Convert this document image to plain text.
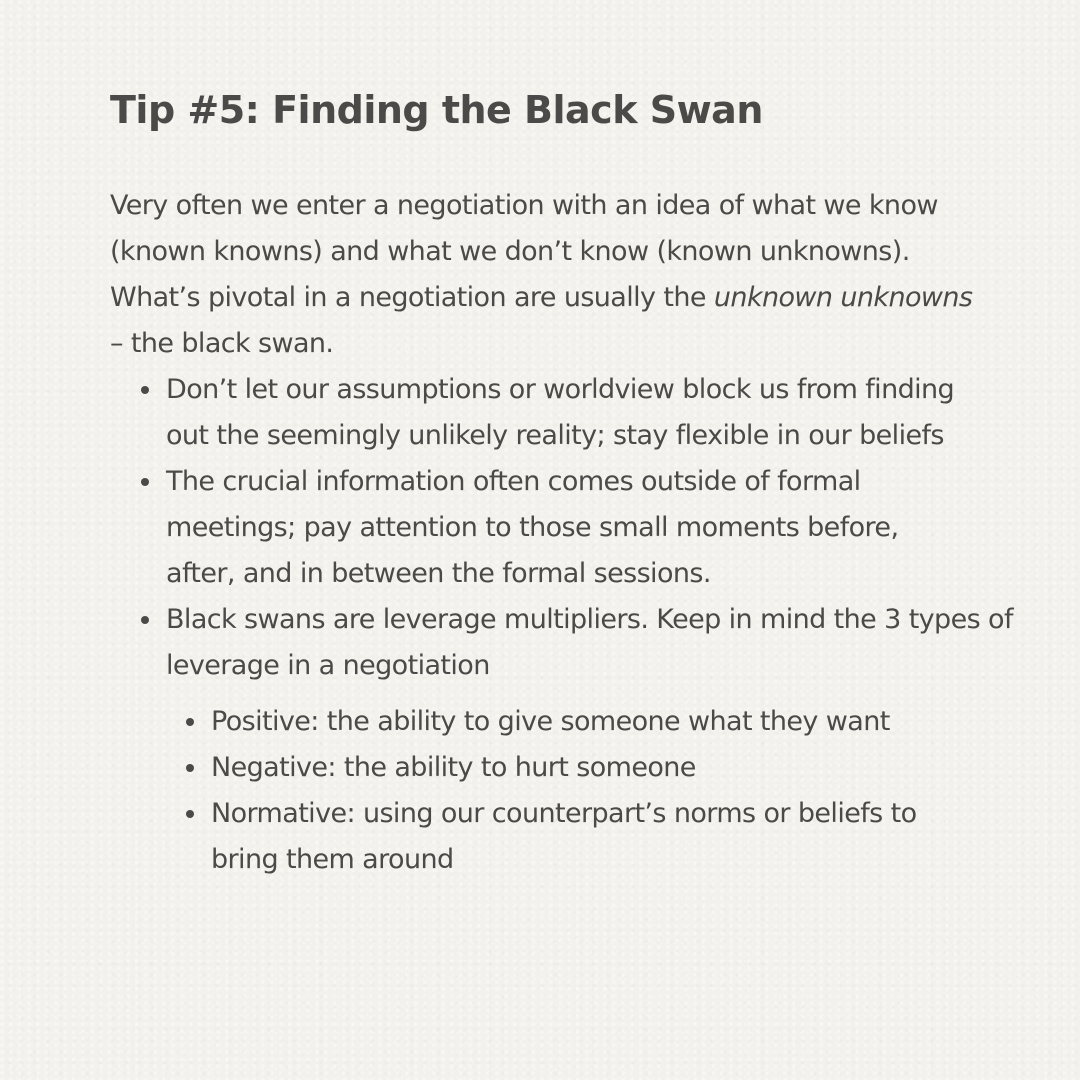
Tip #5: Finding the Black Swan

Very often we enter a negotiation with an idea of what we know

(known knowns) and what we don’t know (known unknowns).

What’s pivotal in a negotiation are usually the unknown unknowns

– the black swan.

Don’t let our assumptions or worldview block us from finding
out the seemingly unlikely reality; stay flexible in our beliefs
The crucial information often comes outside of formal
meetings; pay attention to those small moments before,
after, and in between the formal sessions.
Black swans are leverage multipliers. Keep in mind the 3 types of
leverage in a negotiation
Positive: the ability to give someone what they want
Negative: the ability to hurt someone
Normative: using our counterpart’s norms or beliefs to
bring them around
